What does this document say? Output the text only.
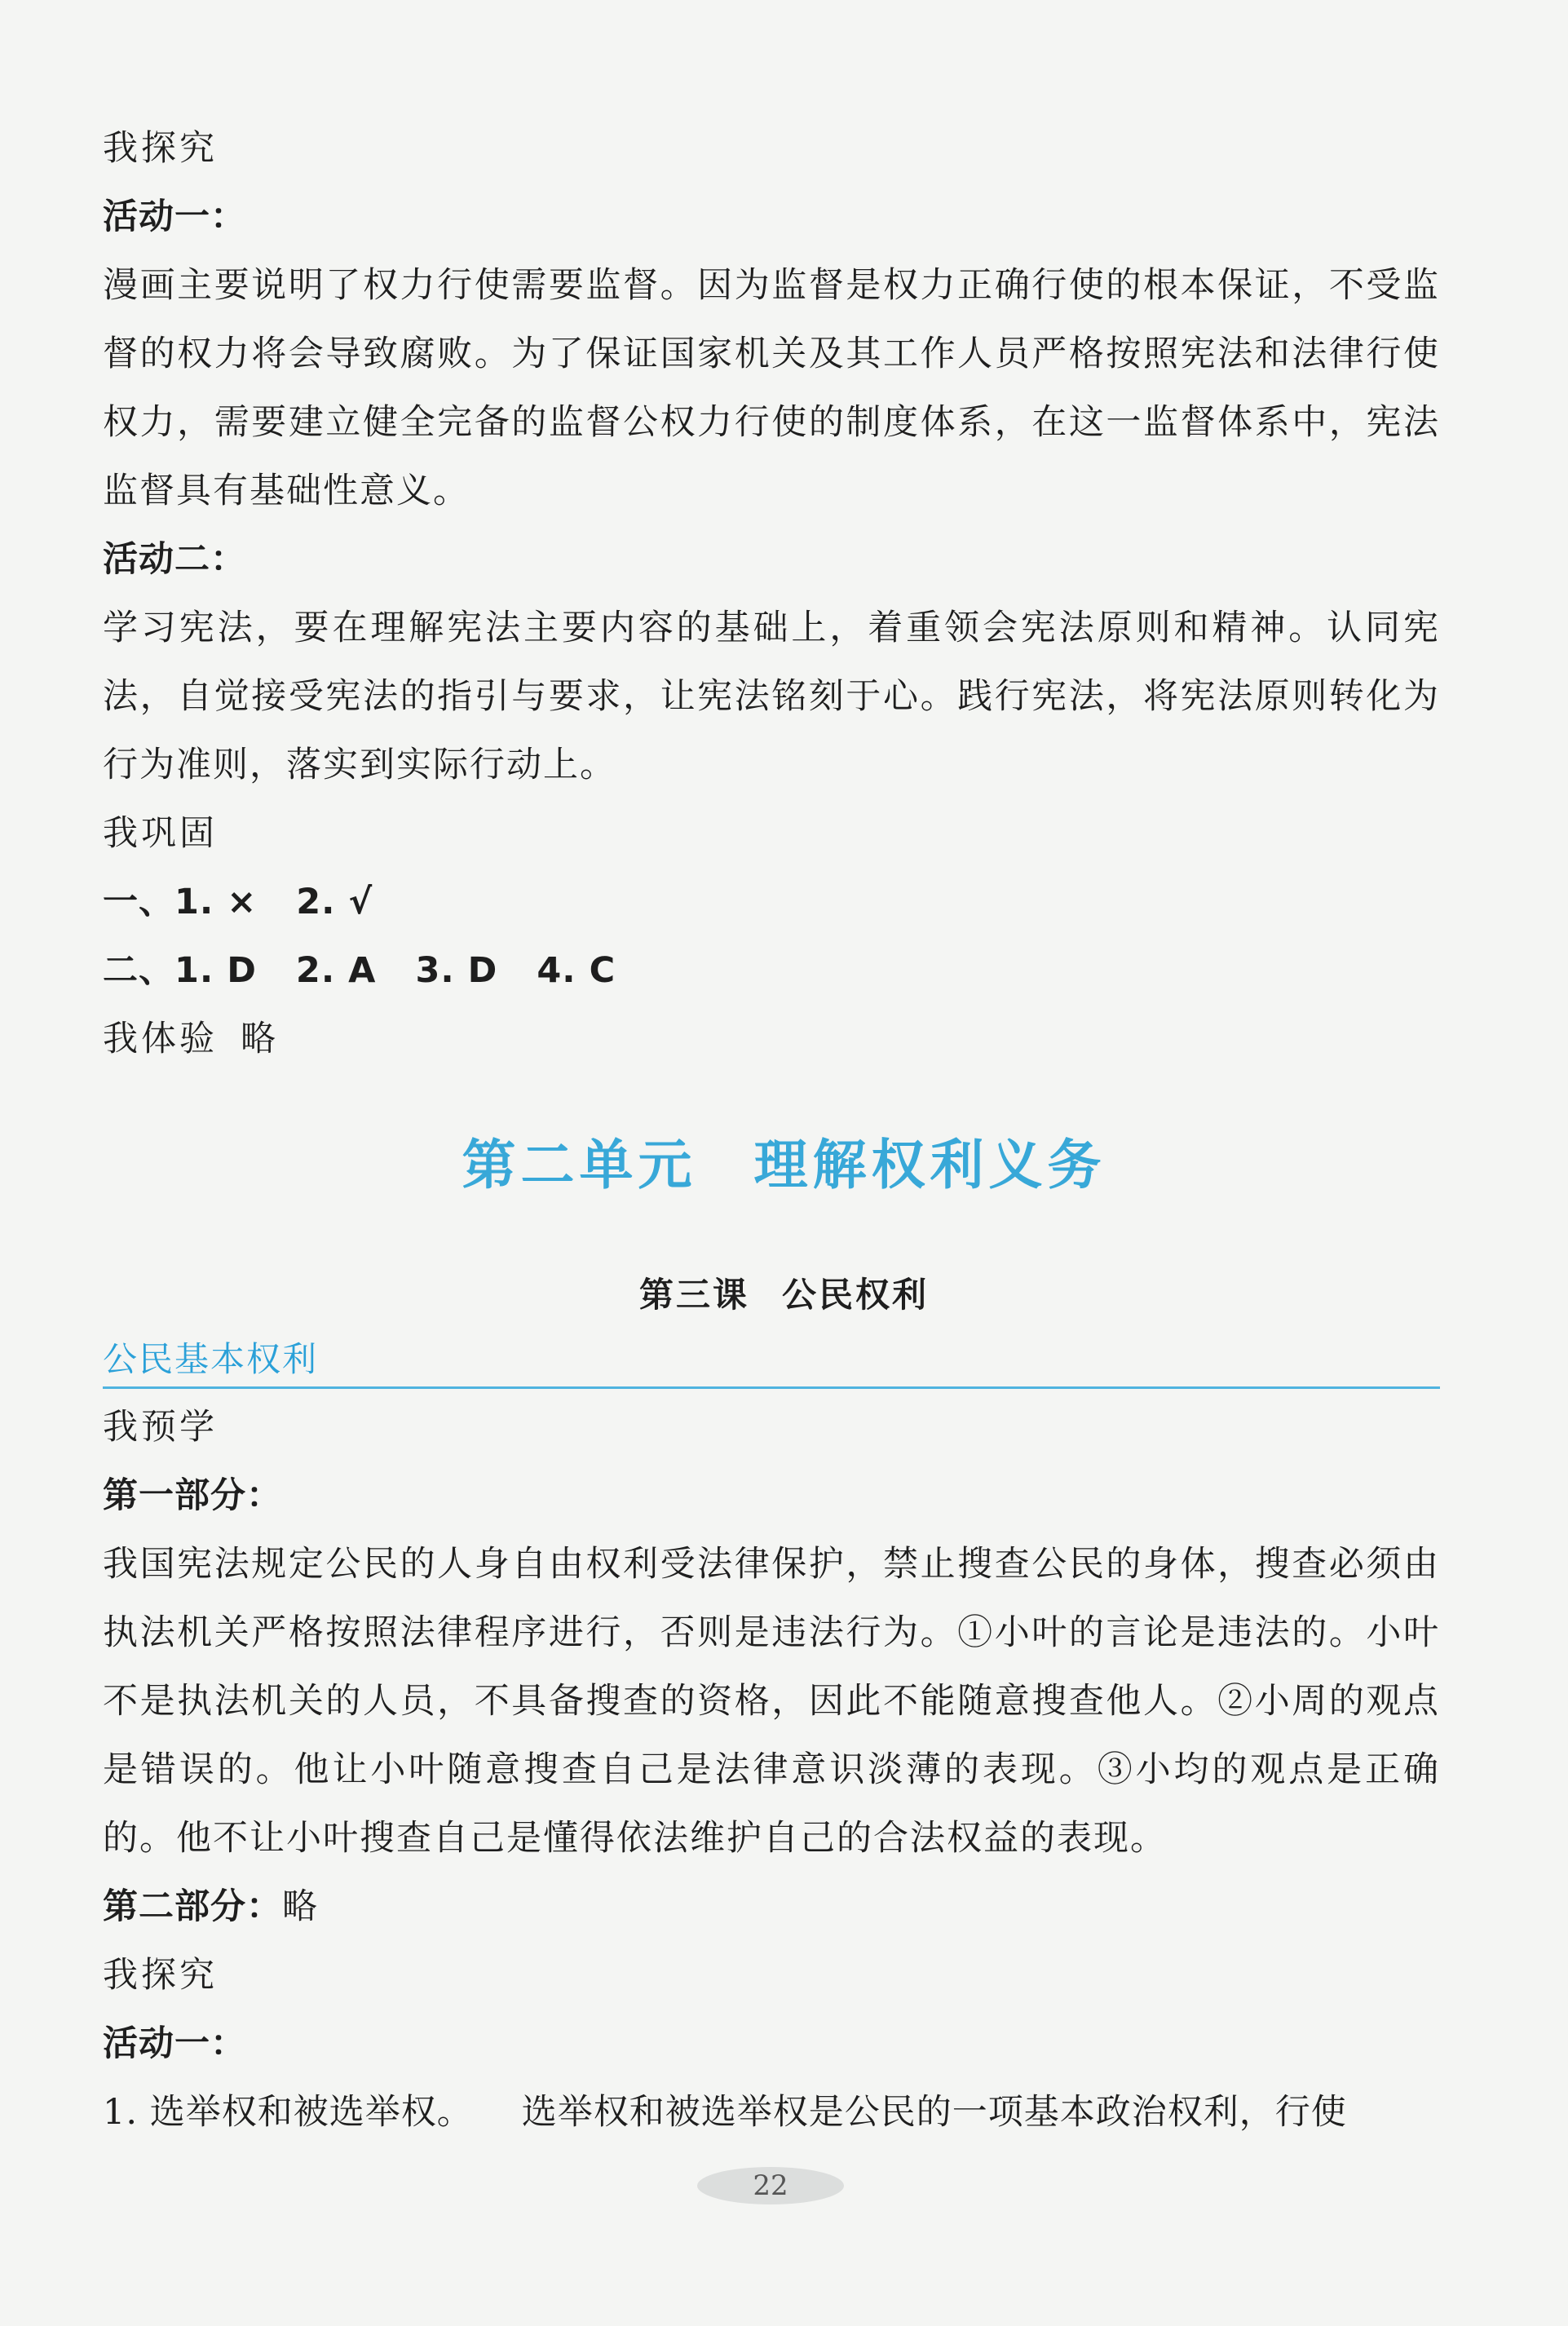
我探究
活动一：
漫画主要说明了权力行使需要监督。因为监督是权力正确行使的根本保证，不受监督的权力将会导致腐败。为了保证国家机关及其工作人员严格按照宪法和法律行使权力，需要建立健全完备的监督公权力行使的制度体系，在这一监督体系中，宪法监督具有基础性意义。
活动二：
学习宪法，要在理解宪法主要内容的基础上，着重领会宪法原则和精神。认同宪法，自觉接受宪法的指引与要求，让宪法铭刻于心。践行宪法，将宪法原则转化为行为准则，落实到实际行动上。
我巩固
一、1. × 2. √
二、1. D 2. A 3. D 4. C
我体验 略
第二单元 理解权利义务
第三课 公民权利
公民基本权利
我预学
第一部分：
我国宪法规定公民的人身自由权利受法律保护，禁止搜查公民的身体，搜查必须由执法机关严格按照法律程序进行，否则是违法行为。①小叶的言论是违法的。小叶不是执法机关的人员，不具备搜查的资格，因此不能随意搜查他人。②小周的观点是错误的。他让小叶随意搜查自己是法律意识淡薄的表现。③小均的观点是正确的。他不让小叶搜查自己是懂得依法维护自己的合法权益的表现。
第二部分：略
我探究
活动一：
1. 选举权和被选举权。 选举权和被选举权是公民的一项基本政治权利，行使
22
